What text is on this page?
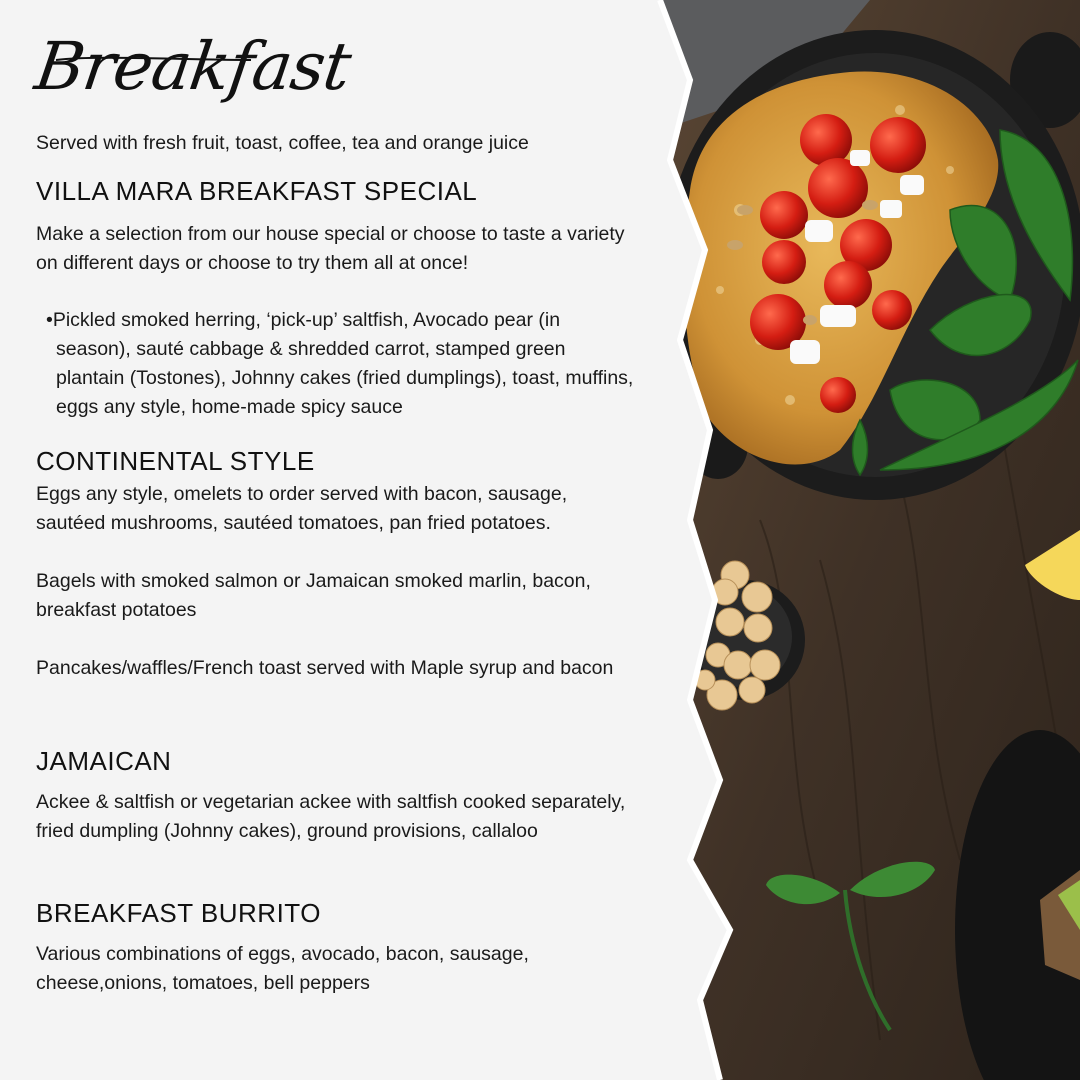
Breakfast
Served with fresh fruit, toast, coffee, tea and orange juice
VILLA MARA BREAKFAST SPECIAL

Make a selection from our house special or choose to taste a variety on different days or choose to try them all at once!

•Pickled smoked herring, ‘pick-up’ saltfish, Avocado pear (in season), sauté cabbage & shredded carrot, stamped green plantain (Tostones), Johnny cakes (fried dumplings), toast, muffins, eggs any style, home-made spicy sauce

CONTINENTAL STYLE

Eggs any style, omelets to order served with bacon, sausage, sautéed mushrooms, sautéed tomatoes, pan fried potatoes.

Bagels with smoked salmon or Jamaican smoked marlin, bacon, breakfast potatoes

Pancakes/waffles/French toast served with Maple syrup and bacon

JAMAICAN

Ackee & saltfish or vegetarian ackee with saltfish cooked separately, fried dumpling (Johnny cakes), ground provisions, callaloo

BREAKFAST BURRITO

Various combinations of eggs, avocado, bacon, sausage, cheese,onions, tomatoes, bell peppers
